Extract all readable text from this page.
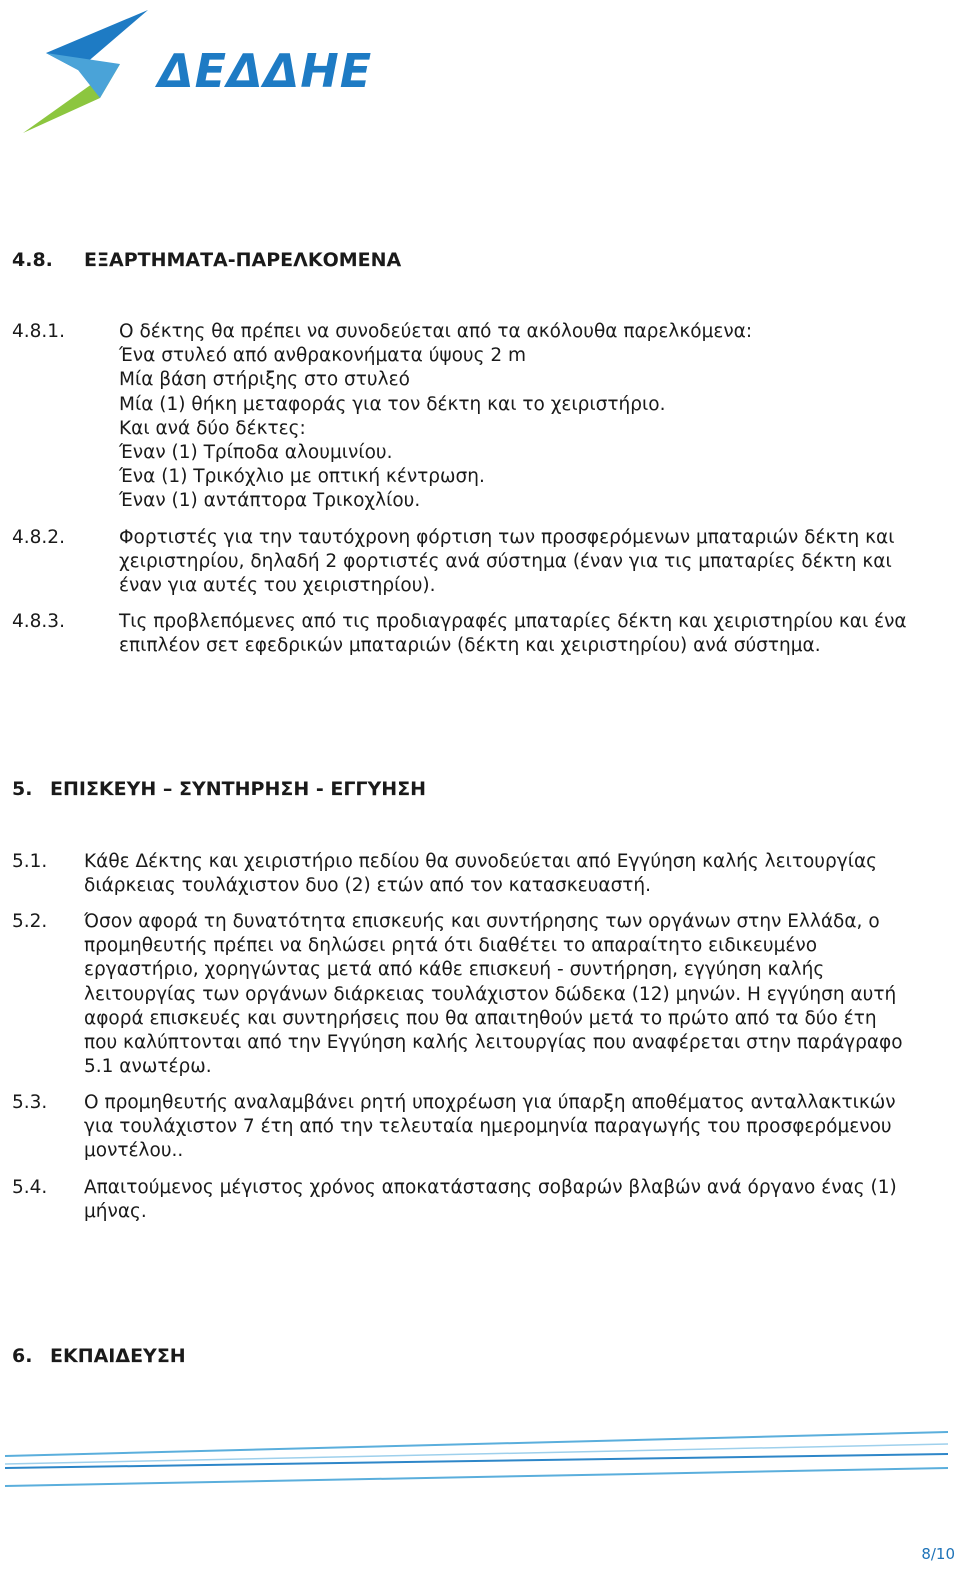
ΔΕΔΔΗΕ
4.8. ΕΞΑΡΤΗΜΑΤΑ-ΠΑΡΕΛΚΟΜΕΝΑ
4.8.1.	Ο δέκτης θα πρέπει να συνοδεύεται από τα ακόλουθα παρελκόμενα:
Ένα στυλεό από ανθρακονήματα ύψους 2 m
Μία βάση στήριξης στο στυλεό
Μία (1) θήκη μεταφοράς για τον δέκτη και το χειριστήριο.
Και ανά δύο δέκτες:
Έναν (1) Τρίποδα αλουμινίου.
Ένα (1) Τρικόχλιο με οπτική κέντρωση.
Έναν (1) αντάπτορα Τρικοχλίου.
4.8.2.	Φορτιστές για την ταυτόχρονη φόρτιση των προσφερόμενων μπαταριών δέκτη και
χειριστηρίου, δηλαδή 2 φορτιστές ανά σύστημα (έναν για τις μπαταρίες δέκτη και
έναν για αυτές του χειριστηρίου).
4.8.3.	Τις προβλεπόμενες από τις προδιαγραφές μπαταρίες δέκτη και χειριστηρίου και ένα
επιπλέον σετ εφεδρικών μπαταριών (δέκτη και χειριστηρίου) ανά σύστημα.
5. ΕΠΙΣΚΕΥΗ – ΣΥΝΤΗΡΗΣΗ - ΕΓΓΥΗΣΗ
5.1. Κάθε Δέκτης και χειριστήριο πεδίου θα συνοδεύεται από Εγγύηση καλής λειτουργίας
διάρκειας τουλάχιστον δυο (2) ετών από τον κατασκευαστή.
5.2. Όσον αφορά τη δυνατότητα επισκευής και συντήρησης των οργάνων στην Ελλάδα, ο
προμηθευτής πρέπει να δηλώσει ρητά ότι διαθέτει το απαραίτητο ειδικευμένο
εργαστήριο, χορηγώντας μετά από κάθε επισκευή - συντήρηση, εγγύηση καλής
λειτουργίας των οργάνων διάρκειας τουλάχιστον δώδεκα (12) μηνών. Η εγγύηση αυτή
αφορά επισκευές και συντηρήσεις που θα απαιτηθούν μετά το πρώτο από τα δύο έτη
που καλύπτονται από την Εγγύηση καλής λειτουργίας που αναφέρεται στην παράγραφο
5.1 ανωτέρω.
5.3. Ο προμηθευτής αναλαμβάνει ρητή υποχρέωση για ύπαρξη αποθέματος ανταλλακτικών
για τουλάχιστον 7 έτη από την τελευταία ημερομηνία παραγωγής του προσφερόμενου
μοντέλου..
5.4. Απαιτούμενος μέγιστος χρόνος αποκατάστασης σοβαρών βλαβών ανά όργανο ένας (1)
μήνας.
6. ΕΚΠΑΙΔΕΥΣΗ
8/10
